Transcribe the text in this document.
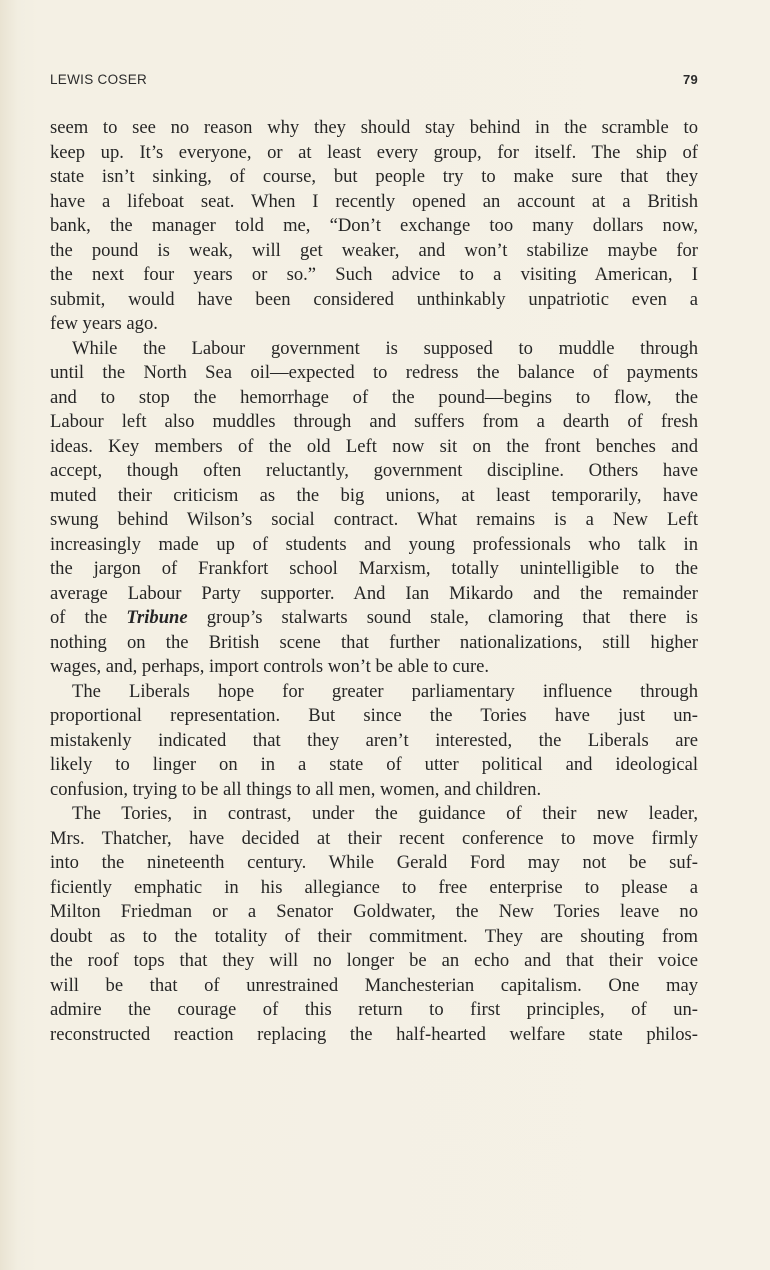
LEWIS COSER	79
seem to see no reason why they should stay behind in the scramble to
keep up. It’s everyone, or at least every group, for itself. The ship of
state isn’t sinking, of course, but people try to make sure that they
have a lifeboat seat. When I recently opened an account at a British
bank, the manager told me, “Don’t exchange too many dollars now,
the pound is weak, will get weaker, and won’t stabilize maybe for
the next four years or so.” Such advice to a visiting American, I
submit, would have been considered unthinkably unpatriotic even a
few years ago.
While the Labour government is supposed to muddle through
until the North Sea oil—expected to redress the balance of payments
and to stop the hemorrhage of the pound—begins to flow, the
Labour left also muddles through and suffers from a dearth of fresh
ideas. Key members of the old Left now sit on the front benches and
accept, though often reluctantly, government discipline. Others have
muted their criticism as the big unions, at least temporarily, have
swung behind Wilson’s social contract. What remains is a New Left
increasingly made up of students and young professionals who talk in
the jargon of Frankfort school Marxism, totally unintelligible to the
average Labour Party supporter. And Ian Mikardo and the remainder
of the Tribune group’s stalwarts sound stale, clamoring that there is
nothing on the British scene that further nationalizations, still higher
wages, and, perhaps, import controls won’t be able to cure.
The Liberals hope for greater parliamentary influence through
proportional representation. But since the Tories have just un-
mistakenly indicated that they aren’t interested, the Liberals are
likely to linger on in a state of utter political and ideological
confusion, trying to be all things to all men, women, and children.
The Tories, in contrast, under the guidance of their new leader,
Mrs. Thatcher, have decided at their recent conference to move firmly
into the nineteenth century. While Gerald Ford may not be suf-
ficiently emphatic in his allegiance to free enterprise to please a
Milton Friedman or a Senator Goldwater, the New Tories leave no
doubt as to the totality of their commitment. They are shouting from
the roof tops that they will no longer be an echo and that their voice
will be that of unrestrained Manchesterian capitalism. One may
admire the courage of this return to first principles, of un-
reconstructed reaction replacing the half-hearted welfare state philos-
